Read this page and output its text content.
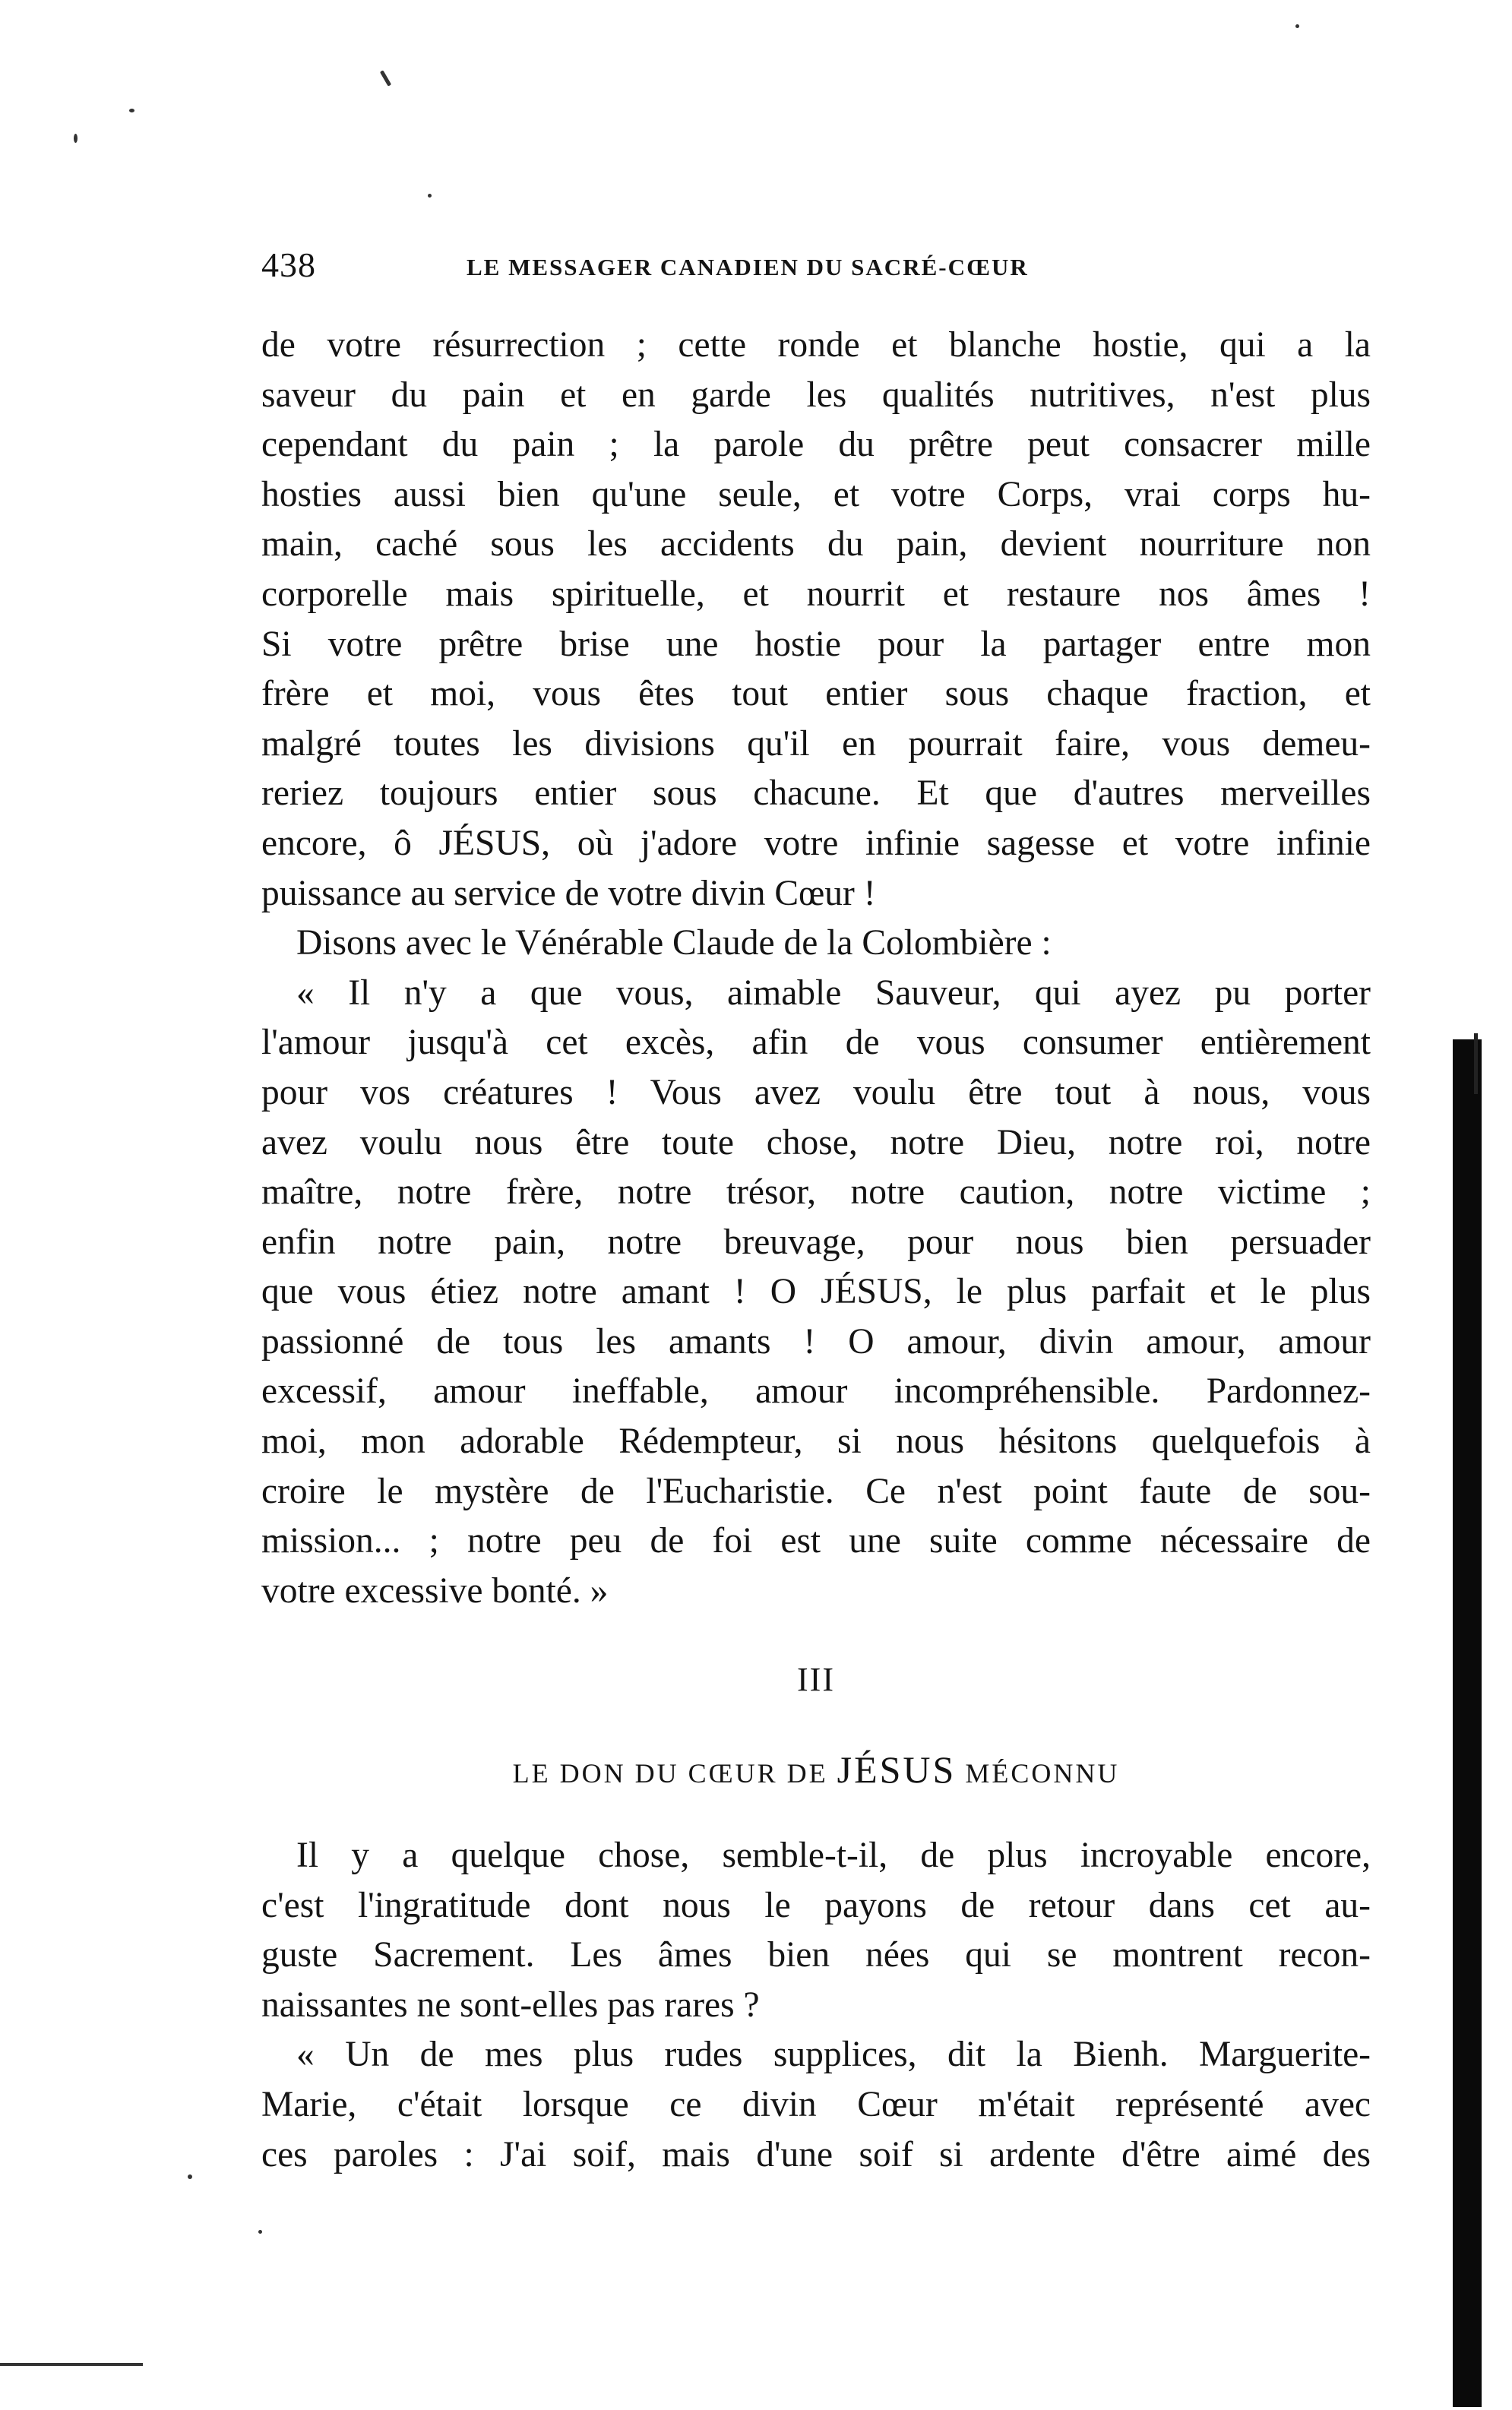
438	LE MESSAGER CANADIEN DU SACRÉ-CŒUR
de votre résurrection ; cette ronde et blanche hostie, qui a la
saveur du pain et en garde les qualités nutritives, n'est plus
cependant du pain ; la parole du prêtre peut consacrer mille
hosties aussi bien qu'une seule, et votre Corps, vrai corps hu-
main, caché sous les accidents du pain, devient nourriture non
corporelle mais spirituelle, et nourrit et restaure nos âmes !
Si votre prêtre brise une hostie pour la partager entre mon
frère et moi, vous êtes tout entier sous chaque fraction, et
malgré toutes les divisions qu'il en pourrait faire, vous demeu-
reriez toujours entier sous chacune. Et que d'autres merveilles
encore, ô JÉSUS, où j'adore votre infinie sagesse et votre infinie
puissance au service de votre divin Cœur !
Disons avec le Vénérable Claude de la Colombière :
« Il n'y a que vous, aimable Sauveur, qui ayez pu porter
l'amour jusqu'à cet excès, afin de vous consumer entièrement
pour vos créatures ! Vous avez voulu être tout à nous, vous
avez voulu nous être toute chose, notre Dieu, notre roi, notre
maître, notre frère, notre trésor, notre caution, notre victime ;
enfin notre pain, notre breuvage, pour nous bien persuader
que vous étiez notre amant ! O JÉSUS, le plus parfait et le plus
passionné de tous les amants ! O amour, divin amour, amour
excessif, amour ineffable, amour incompréhensible. Pardonnez-
moi, mon adorable Rédempteur, si nous hésitons quelquefois à
croire le mystère de l'Eucharistie. Ce n'est point faute de sou-
mission... ; notre peu de foi est une suite comme nécessaire de
votre excessive bonté. »
III
LE DON DU CŒUR DE JÉSUS MÉCONNU
Il y a quelque chose, semble-t-il, de plus incroyable encore,
c'est l'ingratitude dont nous le payons de retour dans cet au-
guste Sacrement. Les âmes bien nées qui se montrent recon-
naissantes ne sont-elles pas rares ?
« Un de mes plus rudes supplices, dit la Bienh. Marguerite-
Marie, c'était lorsque ce divin Cœur m'était représenté avec
ces paroles : J'ai soif, mais d'une soif si ardente d'être aimé des
